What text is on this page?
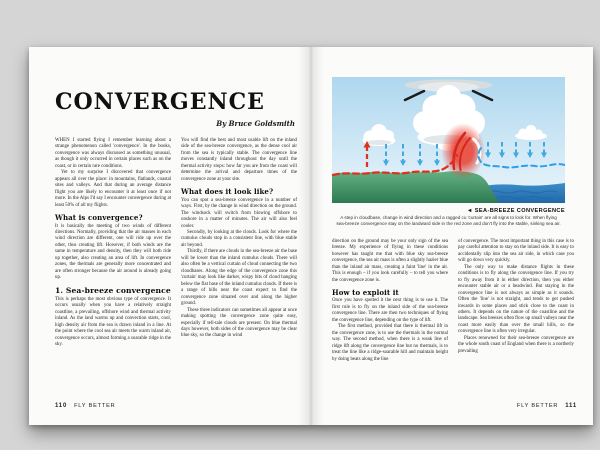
CONVERGENCE
By Bruce Goldsmith

WHEN I started flying I remember learning about a strange phenomenon called 'convergence'. In the books, convergence was always discussed as something unusual, as though it only occurred in certain places such as on the coast, or in certain rare conditions.

Yet to my surprise I discovered that convergence appears all over the place: in mountains, flatlands, coastal sites and valleys. And that during an average distance flight you are likely to encounter it at least once if not more. In the Alps I'd say I encounter convergence during at least 50% of all my flights.

What is convergence?

It is basically the meeting of two winds of different directions. Normally, providing that the air masses in each wind direction are different, one will ride up over the other, thus creating lift. However, if both winds are the same in temperature and density, then they will both ride up together, also creating an area of lift. In convergence zones, the thermals are generally more concentrated and are often stronger because the air around is already going up.

1. Sea-breeze convergence

This is perhaps the most obvious type of convergence. It occurs usually when you have a relatively straight coastline, a prevailing, offshore wind and thermal activity inland. As the land warms up and convection starts, cool, high density air from the sea is drawn inland in a line. At the point where the cool sea air meets the warm inland air, convergence occurs, almost forming a soarable ridge in the sky.

You will find the best and most usable lift on the inland side of the sea-breeze convergence, as the dense cool air from the sea is typically stable. The convergence line moves constantly inland throughout the day until the thermal activity stops: how far you are from the coast will determine the arrival and departure times of the convergence zone at your site.

What does it look like?

You can spot a sea-breeze convergence in a number of ways. First, by the change in wind direction on the ground. The windsock will switch from blowing offshore to onshore in a matter of minutes. The air will also feel cooler.

Secondly, by looking at the clouds. Look for where the cumulus clouds stop in a consistent line, with blue stable air beyond.

Thirdly, if there are clouds in the sea-breeze air the base will be lower than the inland cumulus clouds. There will also often be a vertical curtain of cloud connecting the two cloudbases. Along the edge of the convergence zone this 'curtain' may look like darker, wispy bits of cloud hanging below the flat base of the inland cumulus clouds. If there is a range of hills near the coast expect to find the convergence zone situated over and along the higher ground.

These three indicators can sometimes all appear at once making spotting the convergence zone quite easy, especially if tell-tale clouds are present. On blue thermal days however, both sides of the convergence may be clear blue sky, so the change in wind

110 FLY BETTER
◄ SEA-BREEZE CONVERGENCE
A step in cloudbase, change in wind direction and a ragged cu 'curtain' are all signs to look for. When flying sea-breeze convergence stay on the landward side in the red zone and don't fly into the stable, sinking sea air.

direction on the ground may be your only sign of the sea breeze. My experience of flying in these conditions however has taught me that with blue sky sea-breeze convergence, the sea air mass is often a slightly hazier blue than the inland air mass, creating a faint 'line' in the air. This is enough – if you look carefully – to tell you where the convergence zone is.

How to exploit it

Once you have spotted it the next thing is to use it. The first rule is to fly on the inland side of the sea-breeze convergence line. There are then two techniques of flying the convergence line, depending on the type of lift.

The first method, provided that there is thermal lift in the convergence zone, is to use the thermals in the normal way. The second method, when there is a weak line of ridge lift along the convergence line but no thermals, is to treat the line like a ridge-soarable hill and maintain height by doing beats along the line

of convergence. The most important thing in this case is to pay careful attention to stay on the inland side. It is easy to accidentally slip into the sea air side, in which case you will go down very quickly.

The only way to make distance flights in these conditions is to fly along the convergence line. If you try to fly away from it in either direction, then you either encounter stable air or a headwind. But staying in the convergence line is not always as simple as it sounds. Often the 'line' is not straight, and tends to get pushed inwards in some places and stick close to the coast in others. It depends on the nature of the coastline and the landscape. Sea breezes often flow up small valleys near the coast more easily than over the small hills, so the convergence line is often very irregular.

Places renowned for their sea-breeze convergence are the whole south coast of England when there is a northerly prevailing

FLY BETTER 111
